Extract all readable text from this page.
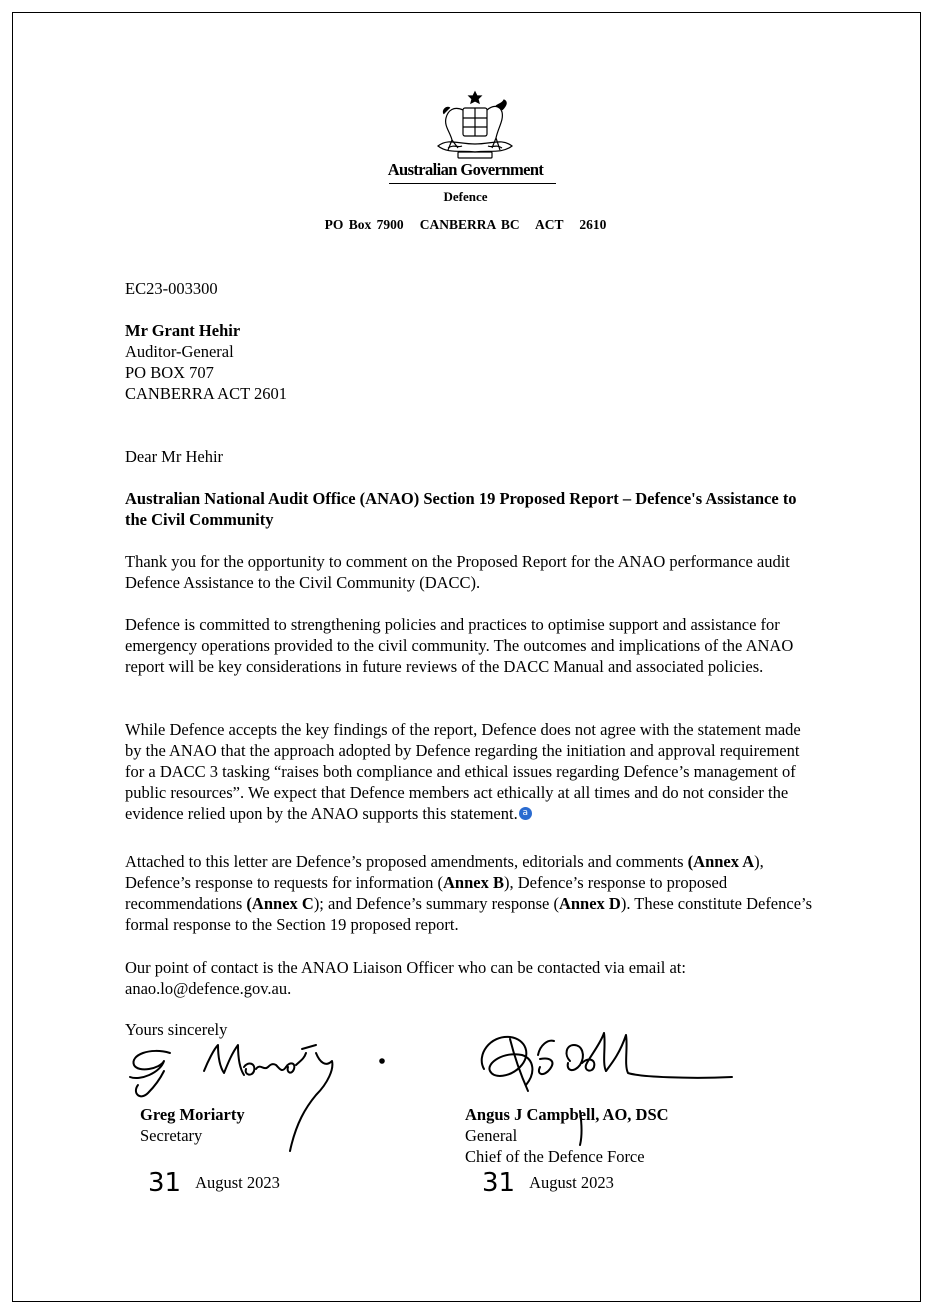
Australian Government
Defence
PO Box 7900   CANBERRA BC   ACT   2610
EC23-003300
Mr Grant Hehir
Auditor-General
PO BOX 707
CANBERRA ACT 2601
Dear Mr Hehir
Australian National Audit Office (ANAO) Section 19 Proposed Report – Defence's Assistance to the Civil Community
Thank you for the opportunity to comment on the Proposed Report for the ANAO performance audit Defence Assistance to the Civil Community (DACC).
Defence is committed to strengthening policies and practices to optimise support and assistance for emergency operations provided to the civil community. The outcomes and implications of the ANAO report will be key considerations in future reviews of the DACC Manual and associated policies.
While Defence accepts the key findings of the report, Defence does not agree with the statement made by the ANAO that the approach adopted by Defence regarding the initiation and approval requirement for a DACC 3 tasking “raises both compliance and ethical issues regarding Defence’s management of public resources”. We expect that Defence members act ethically at all times and do not consider the evidence relied upon by the ANAO supports this statement. a
Attached to this letter are Defence’s proposed amendments, editorials and comments (Annex A), Defence’s response to requests for information (Annex B), Defence’s response to proposed recommendations (Annex C); and Defence’s summary response (Annex D). These constitute Defence’s formal response to the Section 19 proposed report.
Our point of contact is the ANAO Liaison Officer who can be contacted via email at: anao.lo@defence.gov.au.
Yours sincerely
Greg Moriarty
Secretary
Angus J Campbell, AO, DSC
General
Chief of the Defence Force
31 August 2023	31 August 2023
